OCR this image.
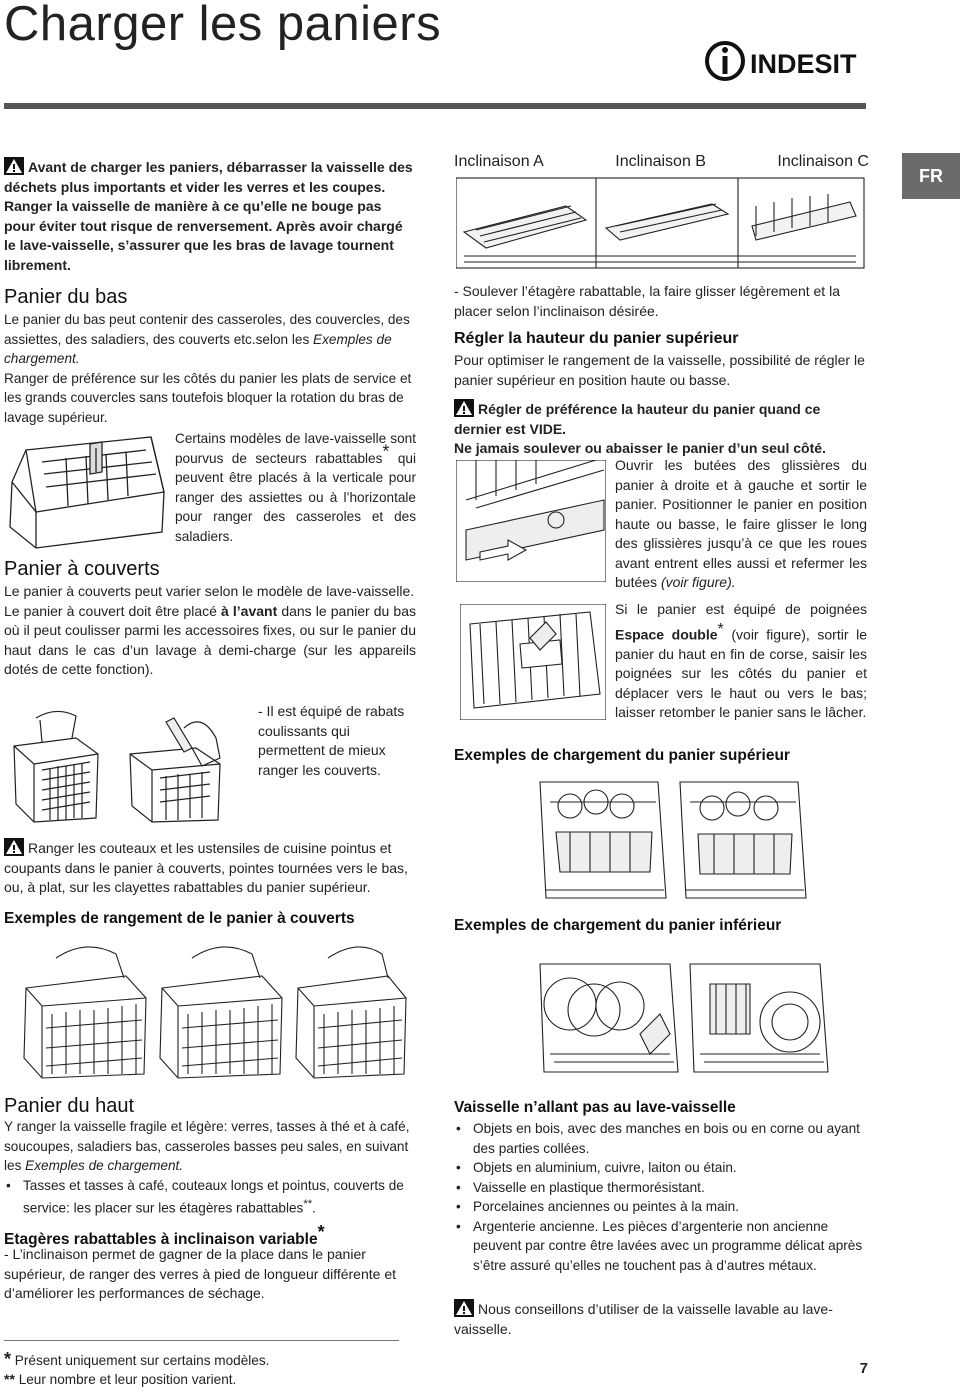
Charger les paniers
INDESIT
FR
Avant de charger les paniers, débarrasser la vaisselle des déchets plus importants et vider les verres et les coupes. Ranger la vaisselle de manière à ce qu’elle ne bouge pas pour éviter tout risque de renversement. Après avoir chargé le lave-vaisselle, s’assurer que les bras de lavage tournent librement.
Panier du bas
Le panier du bas peut contenir des casseroles, des couvercles, des assiettes, des saladiers, des couverts etc.selon les Exemples de chargement.
Ranger de préférence sur les côtés du panier les plats de service et les grands couvercles sans toutefois bloquer la rotation du bras de lavage supérieur.
Certains modèles de lave-vaisselle sont pourvus de secteurs rabattables* qui peuvent être placés à la verticale pour ranger des assiettes ou à l’horizontale pour ranger des casseroles et des saladiers.
Panier à couverts
Le panier à couverts peut varier selon le modèle de lave-vaisselle.
Le panier à couvert doit être placé à l’avant dans le panier du bas où il peut coulisser parmi les accessoires fixes, ou sur le panier du haut dans le cas d’un lavage à demi-charge (sur les appareils dotés de cette fonction).
- Il est équipé de rabats coulissants qui permettent de mieux ranger les couverts.
Ranger les couteaux et les ustensiles de cuisine pointus et coupants dans le panier à couverts, pointes tournées vers le bas, ou, à plat, sur les clayettes rabattables du panier supérieur.
Exemples de rangement de le panier à couverts
Panier du haut
Y ranger la vaisselle fragile et légère: verres, tasses à thé et à café, soucoupes, saladiers bas, casseroles basses peu sales, en suivant les Exemples de chargement.
• Tasses et tasses à café, couteaux longs et pointus, couverts de service: les placer sur les étagères rabattables**.
Etagères rabattables à inclinaison variable*
- L’inclinaison permet de gagner de la place dans le panier supérieur, de ranger des verres à pied de longueur différente et d’améliorer les performances de séchage.
* Présent uniquement sur certains modèles.
** Leur nombre et leur position varient.
Inclinaison A	Inclinaison B	Inclinaison C
- Soulever l’étagère rabattable, la faire glisser légèrement et la placer selon l’inclinaison désirée.
Régler la hauteur du panier supérieur
Pour optimiser le rangement de la vaisselle, possibilité de régler le panier supérieur en position haute ou basse.
Régler de préférence la hauteur du panier quand ce dernier est VIDE.
Ne jamais soulever ou abaisser le panier d’un seul côté.
Ouvrir les butées des glissières du panier à droite et à gauche et sortir le panier. Positionner le panier en position haute ou basse, le faire glisser le long des glissières jusqu’à ce que les roues avant entrent elles aussi et refermer les butées (voir figure).
Si le panier est équipé de poignées Espace double* (voir figure), sortir le panier du haut en fin de corse, saisir les poignées sur les côtés du panier et déplacer vers le haut ou vers le bas; laisser retomber le panier sans le lâcher.
Exemples de chargement du panier supérieur
Exemples de chargement du panier inférieur
Vaisselle n’allant pas au lave-vaisselle
• Objets en bois, avec des manches en bois ou en corne ou ayant des parties collées.
• Objets en aluminium, cuivre, laiton ou étain.
• Vaisselle en plastique thermorésistant.
• Porcelaines anciennes ou peintes à la main.
• Argenterie ancienne. Les pièces d’argenterie non ancienne peuvent par contre être lavées avec un programme délicat après s’être assuré qu’elles ne touchent pas à d’autres métaux.
Nous conseillons d’utiliser de la vaisselle lavable au lave-vaisselle.
7
